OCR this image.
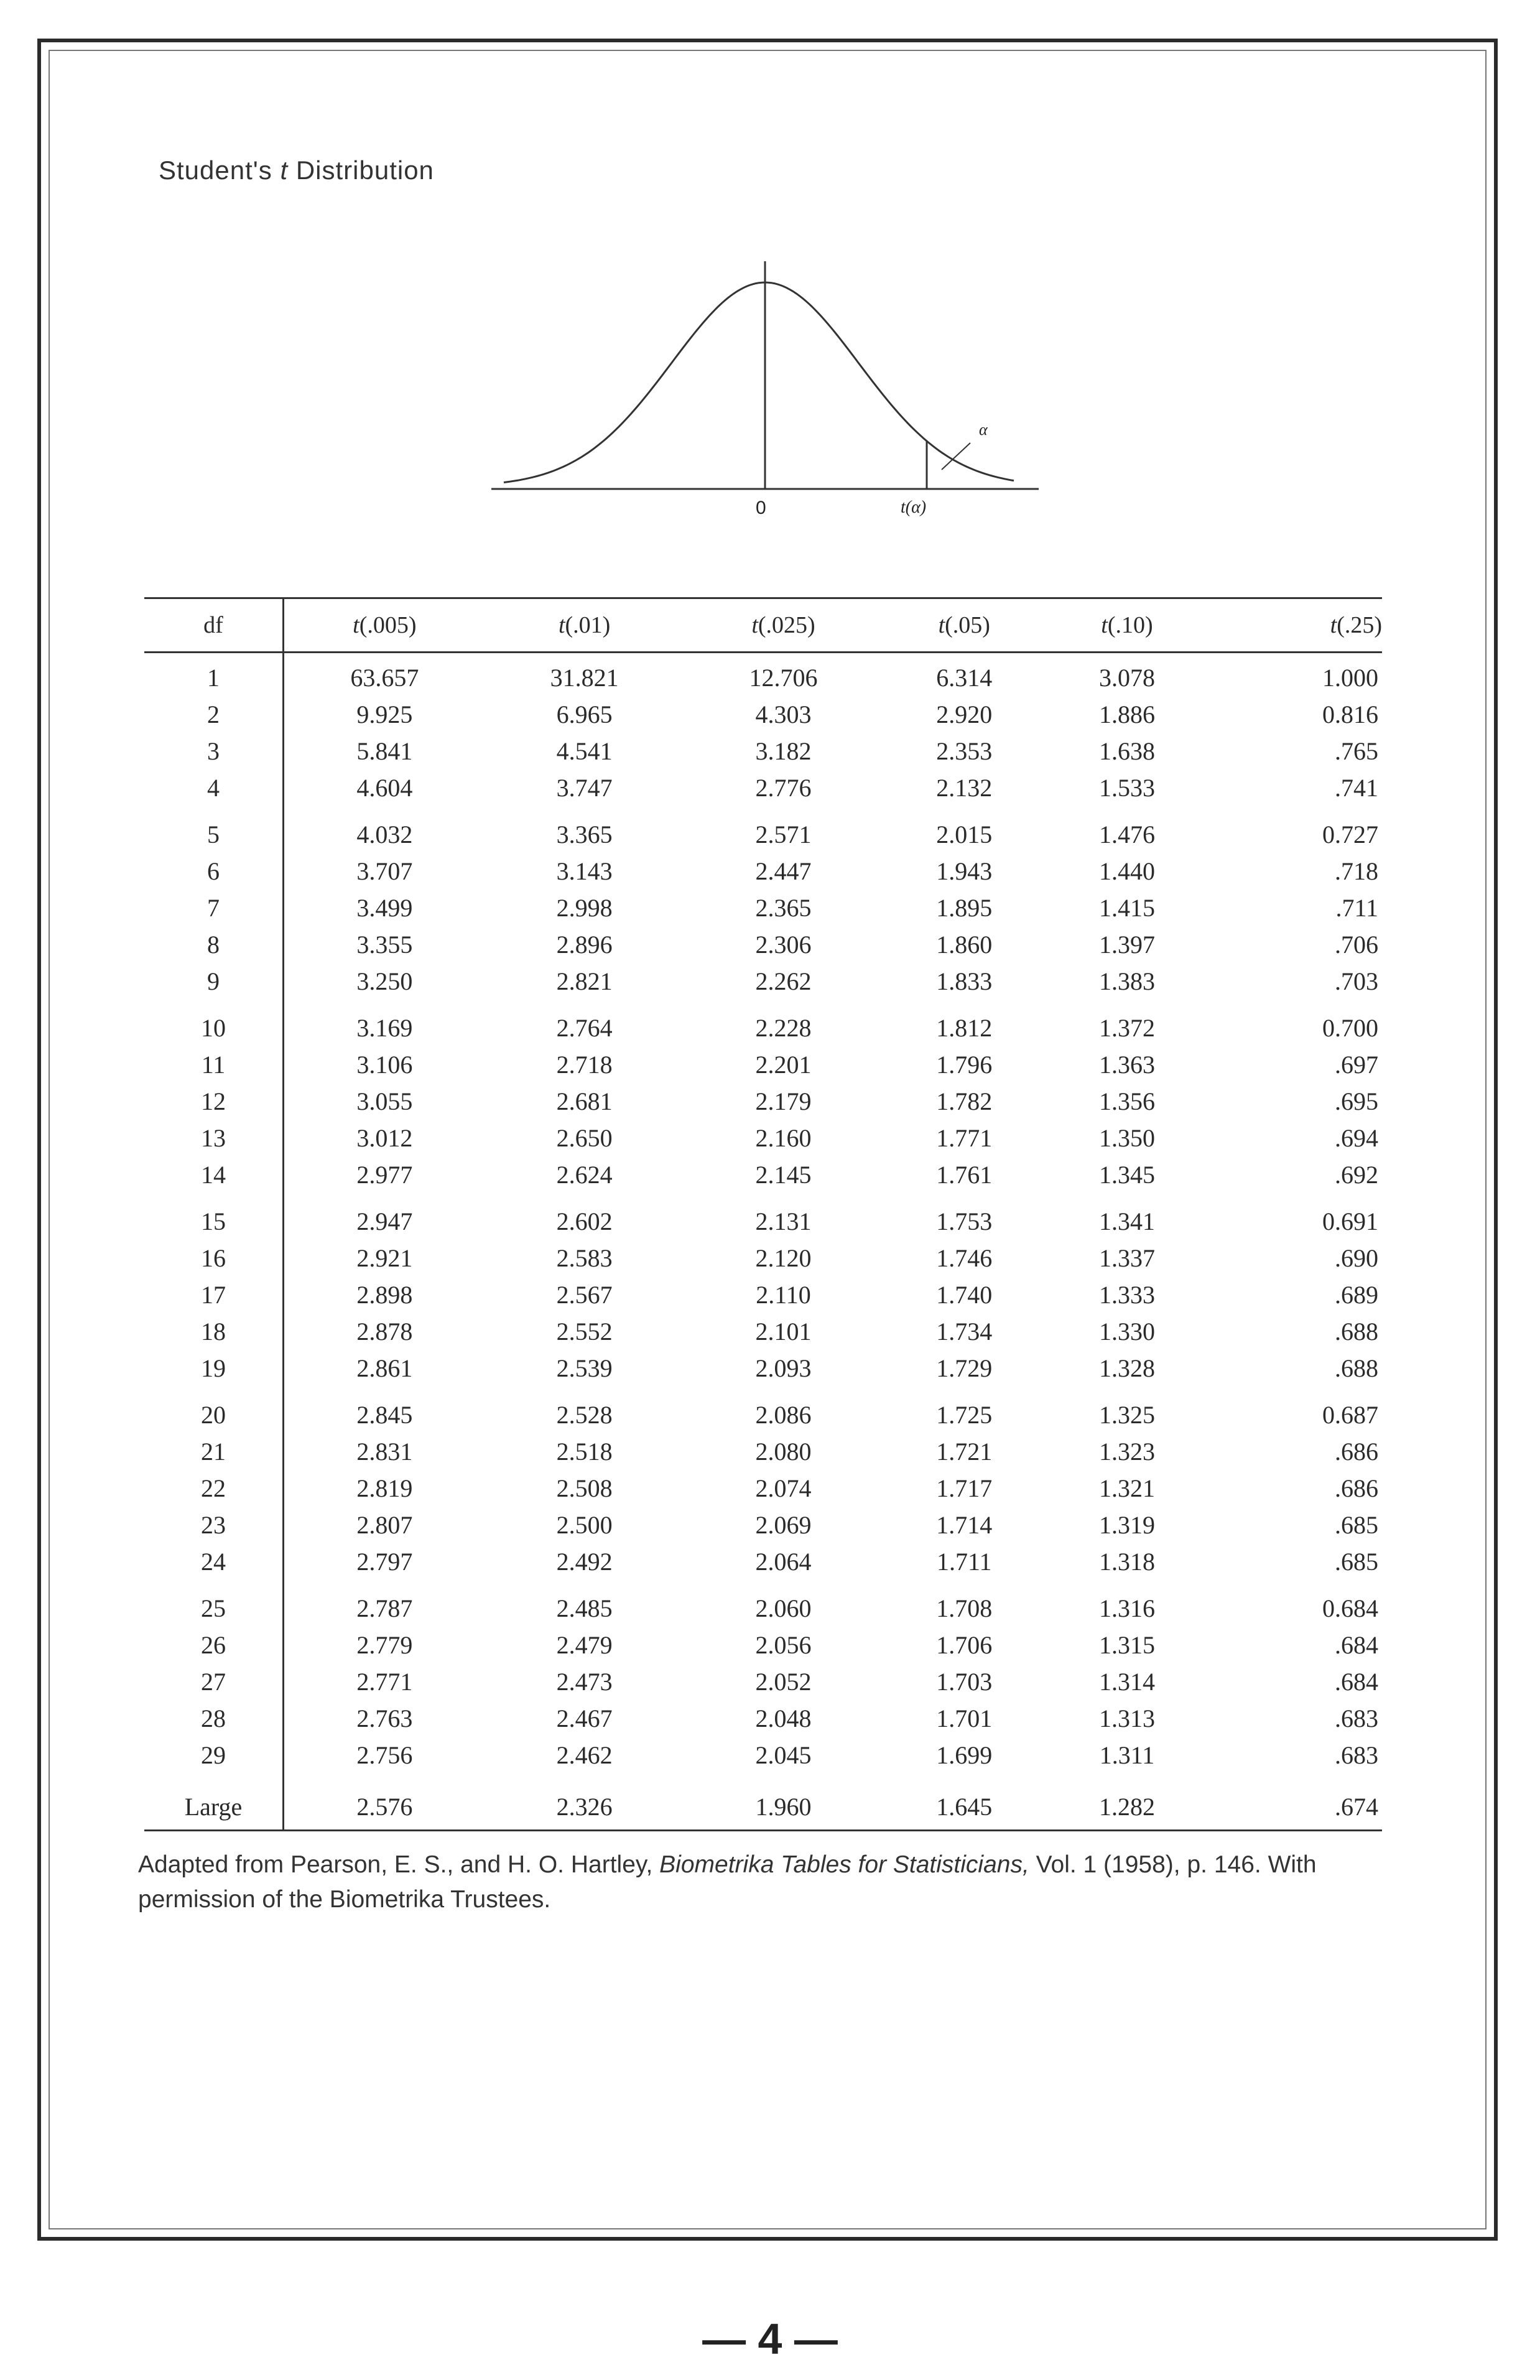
Student's t Distribution
0	t(α)
α
df	t(.005)	t(.01)	t(.025)	t(.05)	t(.10)	t(.25)
1	63.657	31.821	12.706	6.314	3.078	1.000
2	9.925	6.965	4.303	2.920	1.886	0.816
3	5.841	4.541	3.182	2.353	1.638	.765
4	4.604	3.747	2.776	2.132	1.533	.741
5	4.032	3.365	2.571	2.015	1.476	0.727
6	3.707	3.143	2.447	1.943	1.440	.718
7	3.499	2.998	2.365	1.895	1.415	.711
8	3.355	2.896	2.306	1.860	1.397	.706
9	3.250	2.821	2.262	1.833	1.383	.703
10	3.169	2.764	2.228	1.812	1.372	0.700
11	3.106	2.718	2.201	1.796	1.363	.697
12	3.055	2.681	2.179	1.782	1.356	.695
13	3.012	2.650	2.160	1.771	1.350	.694
14	2.977	2.624	2.145	1.761	1.345	.692
15	2.947	2.602	2.131	1.753	1.341	0.691
16	2.921	2.583	2.120	1.746	1.337	.690
17	2.898	2.567	2.110	1.740	1.333	.689
18	2.878	2.552	2.101	1.734	1.330	.688
19	2.861	2.539	2.093	1.729	1.328	.688
20	2.845	2.528	2.086	1.725	1.325	0.687
21	2.831	2.518	2.080	1.721	1.323	.686
22	2.819	2.508	2.074	1.717	1.321	.686
23	2.807	2.500	2.069	1.714	1.319	.685
24	2.797	2.492	2.064	1.711	1.318	.685
25	2.787	2.485	2.060	1.708	1.316	0.684
26	2.779	2.479	2.056	1.706	1.315	.684
27	2.771	2.473	2.052	1.703	1.314	.684
28	2.763	2.467	2.048	1.701	1.313	.683
29	2.756	2.462	2.045	1.699	1.311	.683
Large	2.576	2.326	1.960	1.645	1.282	.674
Adapted from Pearson, E. S., and H. O. Hartley, Biometrika Tables for Statisticians, Vol. 1 (1958), p. 146. With permission of the Biometrika Trustees.
— 4 —
